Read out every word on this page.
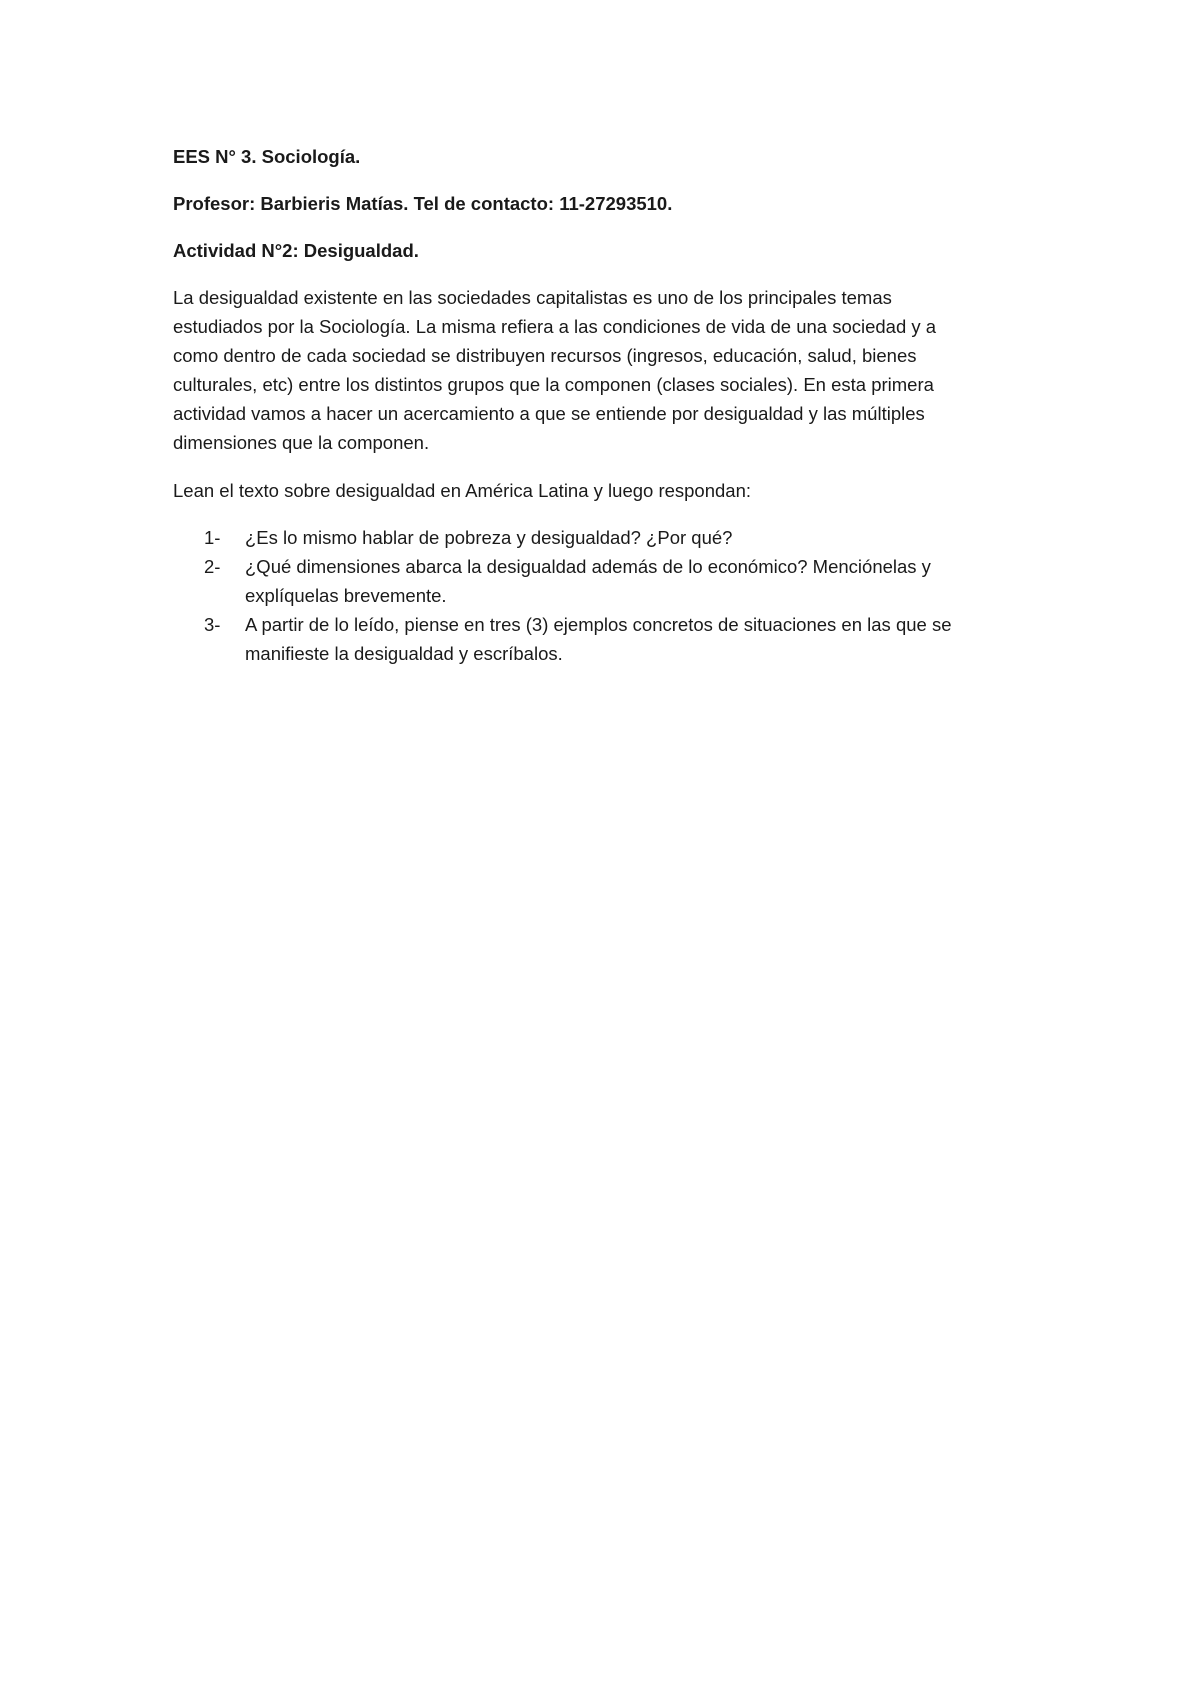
EES N° 3. Sociología.

Profesor: Barbieris Matías. Tel de contacto: 11-27293510.

Actividad N°2: Desigualdad.

La desigualdad existente en las sociedades capitalistas es uno de los principales temas
estudiados por la Sociología. La misma refiera a las condiciones de vida de una sociedad y a
como dentro de cada sociedad se distribuyen recursos (ingresos, educación, salud, bienes
culturales, etc) entre los distintos grupos que la componen (clases sociales). En esta primera
actividad vamos a hacer un acercamiento a que se entiende por desigualdad y las múltiples
dimensiones que la componen.

Lean el texto sobre desigualdad en América Latina y luego respondan:

1- ¿Es lo mismo hablar de pobreza y desigualdad? ¿Por qué?
2- ¿Qué dimensiones abarca la desigualdad además de lo económico? Menciónelas y
explíquelas brevemente.
3- A partir de lo leído, piense en tres (3) ejemplos concretos de situaciones en las que se
manifieste la desigualdad y escríbalos.
